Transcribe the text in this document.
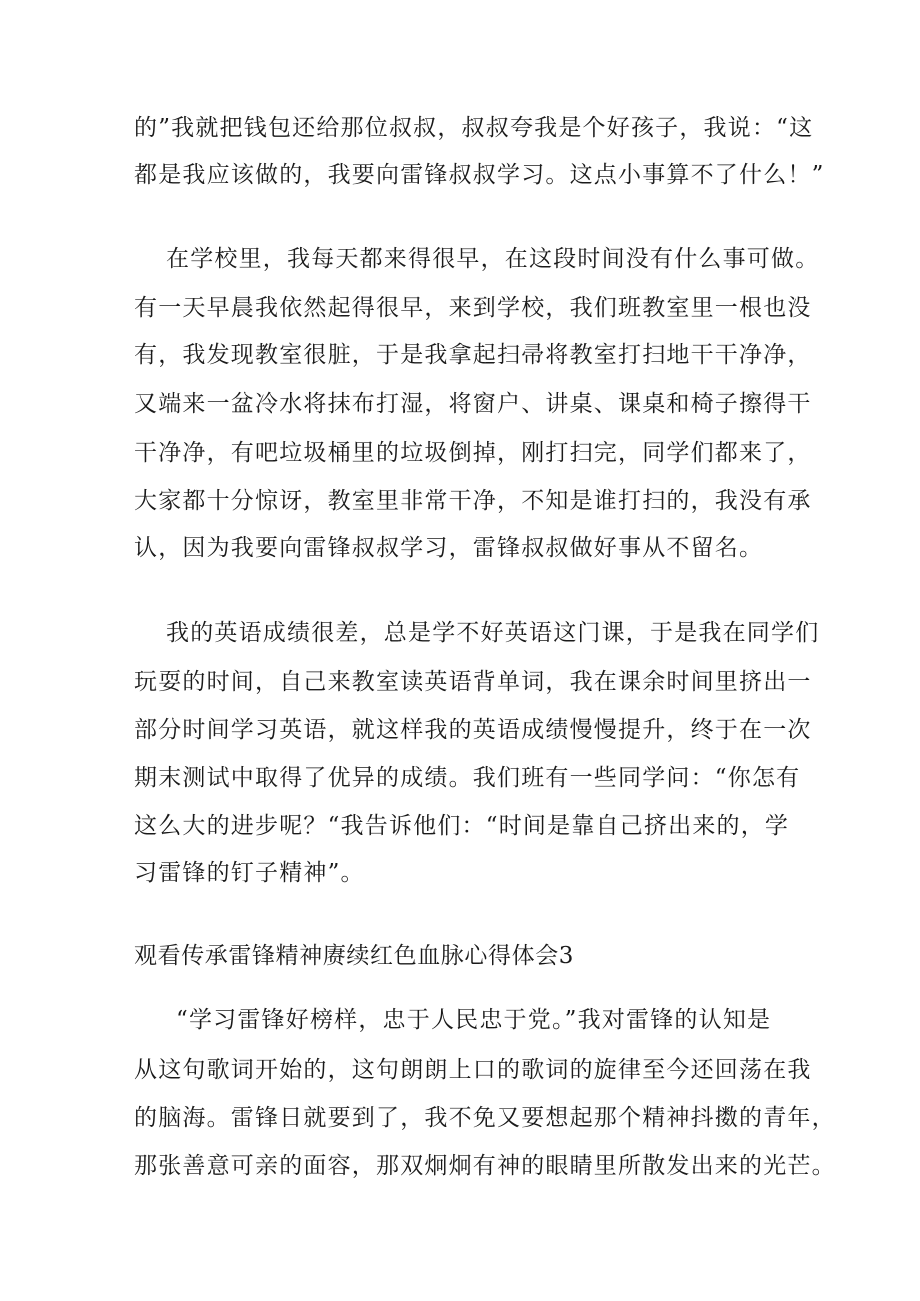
的”我就把钱包还给那位叔叔，叔叔夸我是个好孩子，我说：“这
都是我应该做的，我要向雷锋叔叔学习。这点小事算不了什么！”
在学校里，我每天都来得很早，在这段时间没有什么事可做。
有一天早晨我依然起得很早，来到学校，我们班教室里一根也没
有，我发现教室很脏，于是我拿起扫帚将教室打扫地干干净净，
又端来一盆冷水将抹布打湿，将窗户、讲桌、课桌和椅子擦得干
干净净，有吧垃圾桶里的垃圾倒掉，刚打扫完，同学们都来了，
大家都十分惊讶，教室里非常干净，不知是谁打扫的，我没有承
认，因为我要向雷锋叔叔学习，雷锋叔叔做好事从不留名。
我的英语成绩很差，总是学不好英语这门课，于是我在同学们
玩耍的时间，自己来教室读英语背单词，我在课余时间里挤出一
部分时间学习英语，就这样我的英语成绩慢慢提升，终于在一次
期末测试中取得了优异的成绩。我们班有一些同学问：“你怎有
这么大的进步呢？“我告诉他们：“时间是靠自己挤出来的，学
习雷锋的钉子精神”。
观看传承雷锋精神赓续红色血脉心得体会3
“学习雷锋好榜样，忠于人民忠于党。”我对雷锋的认知是
从这句歌词开始的，这句朗朗上口的歌词的旋律至今还回荡在我
的脑海。雷锋日就要到了，我不免又要想起那个精神抖擞的青年，
那张善意可亲的面容，那双炯炯有神的眼睛里所散发出来的光芒。
